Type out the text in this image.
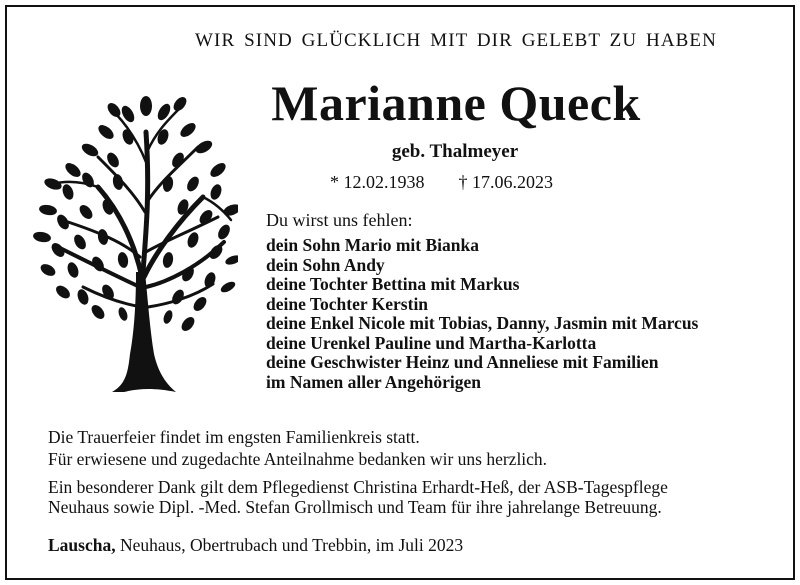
WIR SIND GLÜCKLICH MIT DIR GELEBT ZU HABEN
Marianne Queck
geb. Thalmeyer
* 12.02.1938 † 17.06.2023
Du wirst uns fehlen:
dein Sohn Mario mit Bianka
dein Sohn Andy
deine Tochter Bettina mit Markus
deine Tochter Kerstin
deine Enkel Nicole mit Tobias, Danny, Jasmin mit Marcus
deine Urenkel Pauline und Martha-Karlotta
deine Geschwister Heinz und Anneliese mit Familien
im Namen aller Angehörigen
Die Trauerfeier findet im engsten Familienkreis statt.
Für erwiesene und zugedachte Anteilnahme bedanken wir uns herzlich.
Ein besonderer Dank gilt dem Pflegedienst Christina Erhardt-Heß, der ASB-Tagespflege
Neuhaus sowie Dipl. -Med. Stefan Grollmisch und Team für ihre jahrelange Betreuung.
Lauscha, Neuhaus, Obertrubach und Trebbin, im Juli 2023
